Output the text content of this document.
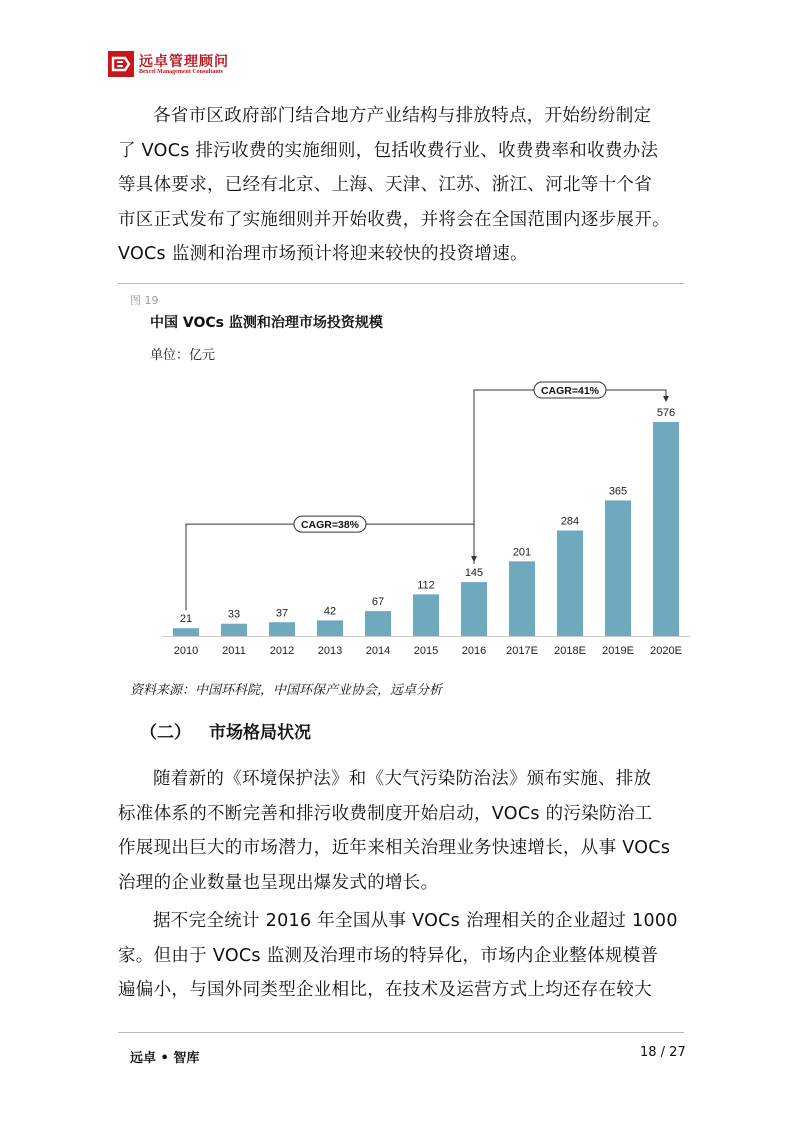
远卓管理顾问
Bexcel Management Consultants
各省市区政府部门结合地方产业结构与排放特点，开始纷纷制定
了 VOCs 排污收费的实施细则，包括收费行业、收费费率和收费办法
等具体要求，已经有北京、上海、天津、江苏、浙江、河北等十个省
市区正式发布了实施细则并开始收费，并将会在全国范围内逐步展开。
VOCs 监测和治理市场预计将迎来较快的投资增速。
图 19
中国 VOCs 监测和治理市场投资规模
单位：亿元
21
2010
33
2011
37
2012
42
2013
67
2014
112
2015
145
2016
201
2017E
284
2018E
365
2019E
576
2020E
CAGR=38%
CAGR=41%
资料来源：中国环科院，中国环保产业协会，远卓分析
（二） 市场格局状况
随着新的《环境保护法》和《大气污染防治法》颁布实施、排放
标准体系的不断完善和排污收费制度开始启动，VOCs 的污染防治工
作展现出巨大的市场潜力，近年来相关治理业务快速增长，从事 VOCs
治理的企业数量也呈现出爆发式的增长。
据不完全统计 2016 年全国从事 VOCs 治理相关的企业超过 1000
家。但由于 VOCs 监测及治理市场的特异化，市场内企业整体规模普
遍偏小，与国外同类型企业相比，在技术及运营方式上均还存在较大
远卓 • 智库	18 / 27
